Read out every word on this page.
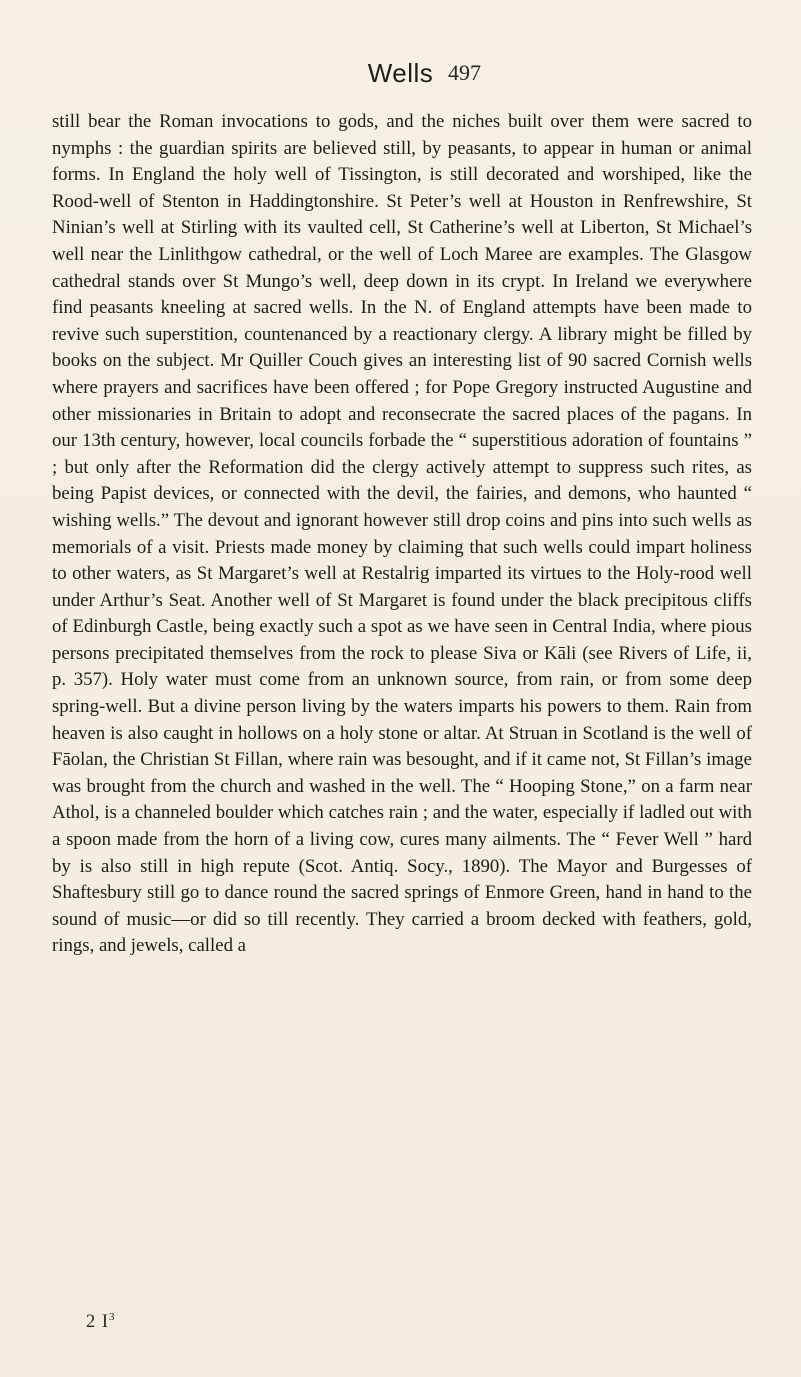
Wells 497

still bear the Roman invocations to gods, and the niches built over them were sacred to nymphs : the guardian spirits are believed still, by peasants, to appear in human or animal forms. In England the holy well of Tissington, is still decorated and worshiped, like the Rood-well of Stenton in Haddingtonshire. St Peter’s well at Houston in Renfrewshire, St Ninian’s well at Stirling with its vaulted cell, St Catherine’s well at Liberton, St Michael’s well near the Linlithgow cathedral, or the well of Loch Maree are examples. The Glasgow cathedral stands over St Mungo’s well, deep down in its crypt. In Ireland we everywhere find peasants kneeling at sacred wells. In the N. of England attempts have been made to revive such superstition, countenanced by a reactionary clergy. A library might be filled by books on the subject. Mr Quiller Couch gives an interesting list of 90 sacred Cornish wells where prayers and sacrifices have been offered ; for Pope Gregory instructed Augustine and other missionaries in Britain to adopt and reconsecrate the sacred places of the pagans. In our 13th century, however, local councils forbade the “ superstitious adoration of fountains ” ; but only after the Reformation did the clergy actively attempt to suppress such rites, as being Papist devices, or connected with the devil, the fairies, and demons, who haunted “ wishing wells.” The devout and ignorant however still drop coins and pins into such wells as memorials of a visit. Priests made money by claiming that such wells could impart holiness to other waters, as St Margaret’s well at Restalrig imparted its virtues to the Holy-rood well under Arthur’s Seat. Another well of St Margaret is found under the black precipitous cliffs of Edinburgh Castle, being exactly such a spot as we have seen in Central India, where pious persons precipitated themselves from the rock to please Siva or Kāli (see Rivers of Life, ii, p. 357). Holy water must come from an unknown source, from rain, or from some deep spring-well. But a divine person living by the waters imparts his powers to them. Rain from heaven is also caught in hollows on a holy stone or altar. At Struan in Scotland is the well of Fāolan, the Christian St Fillan, where rain was besought, and if it came not, St Fillan’s image was brought from the church and washed in the well. The “ Hooping Stone,” on a farm near Athol, is a channeled boulder which catches rain ; and the water, especially if ladled out with a spoon made from the horn of a living cow, cures many ailments. The “ Fever Well ” hard by is also still in high repute (Scot. Antiq. Socy., 1890). The Mayor and Burgesses of Shaftesbury still go to dance round the sacred springs of Enmore Green, hand in hand to the sound of music—or did so till recently. They carried a broom decked with feathers, gold, rings, and jewels, called a

2 $I^3$
